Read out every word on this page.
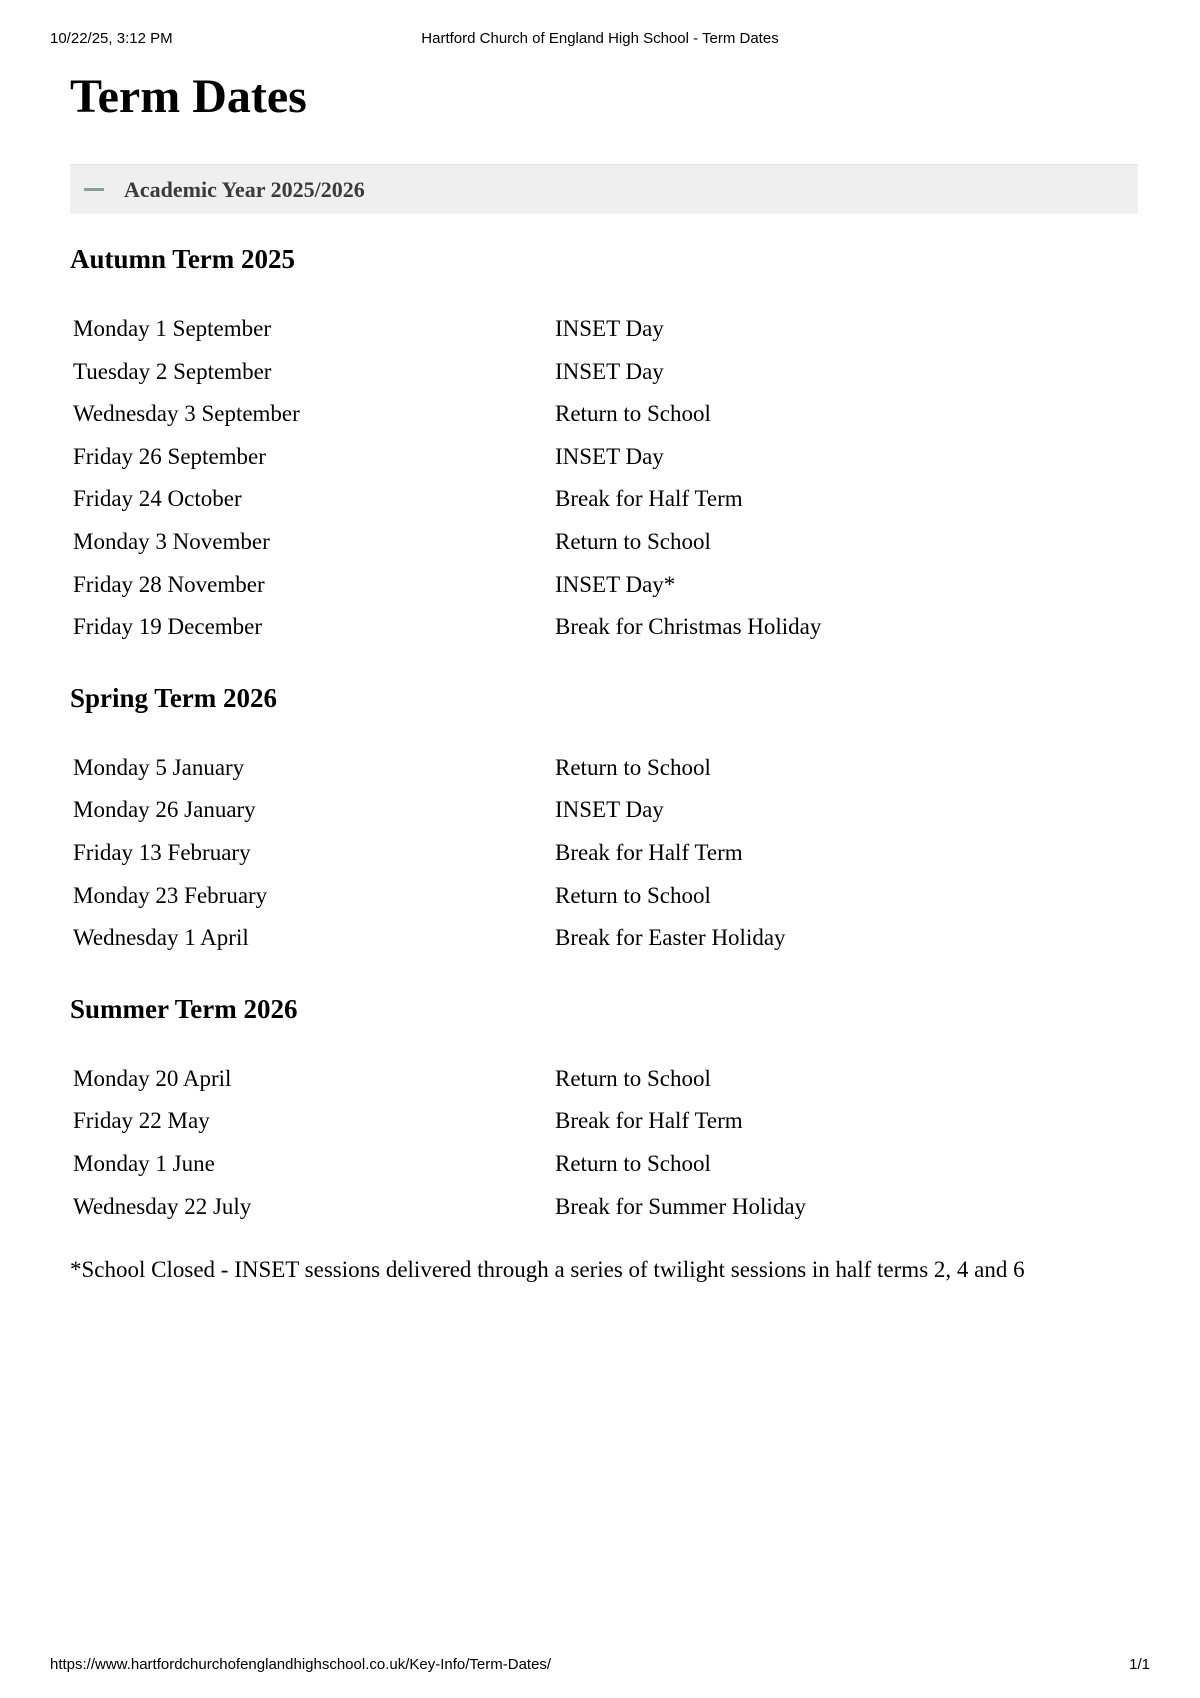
10/22/25, 3:12 PM	Hartford Church of England High School - Term Dates
Term Dates
Academic Year 2025/2026
Autumn Term 2025
Monday 1 September	INSET Day
Tuesday 2 September	INSET Day
Wednesday 3 September	Return to School
Friday 26 September	INSET Day
Friday 24 October	Break for Half Term
Monday 3 November	Return to School
Friday 28 November	INSET Day*
Friday 19 December	Break for Christmas Holiday
Spring Term 2026
Monday 5 January	Return to School
Monday 26 January	INSET Day
Friday 13 February	Break for Half Term
Monday 23 February	Return to School
Wednesday 1 April	Break for Easter Holiday
Summer Term 2026
Monday 20 April	Return to School
Friday 22 May	Break for Half Term
Monday 1 June	Return to School
Wednesday 22 July	Break for Summer Holiday

*School Closed - INSET sessions delivered through a series of twilight sessions in half terms 2, 4 and 6

https://www.hartfordchurchofenglandhighschool.co.uk/Key-Info/Term-Dates/	1/1
